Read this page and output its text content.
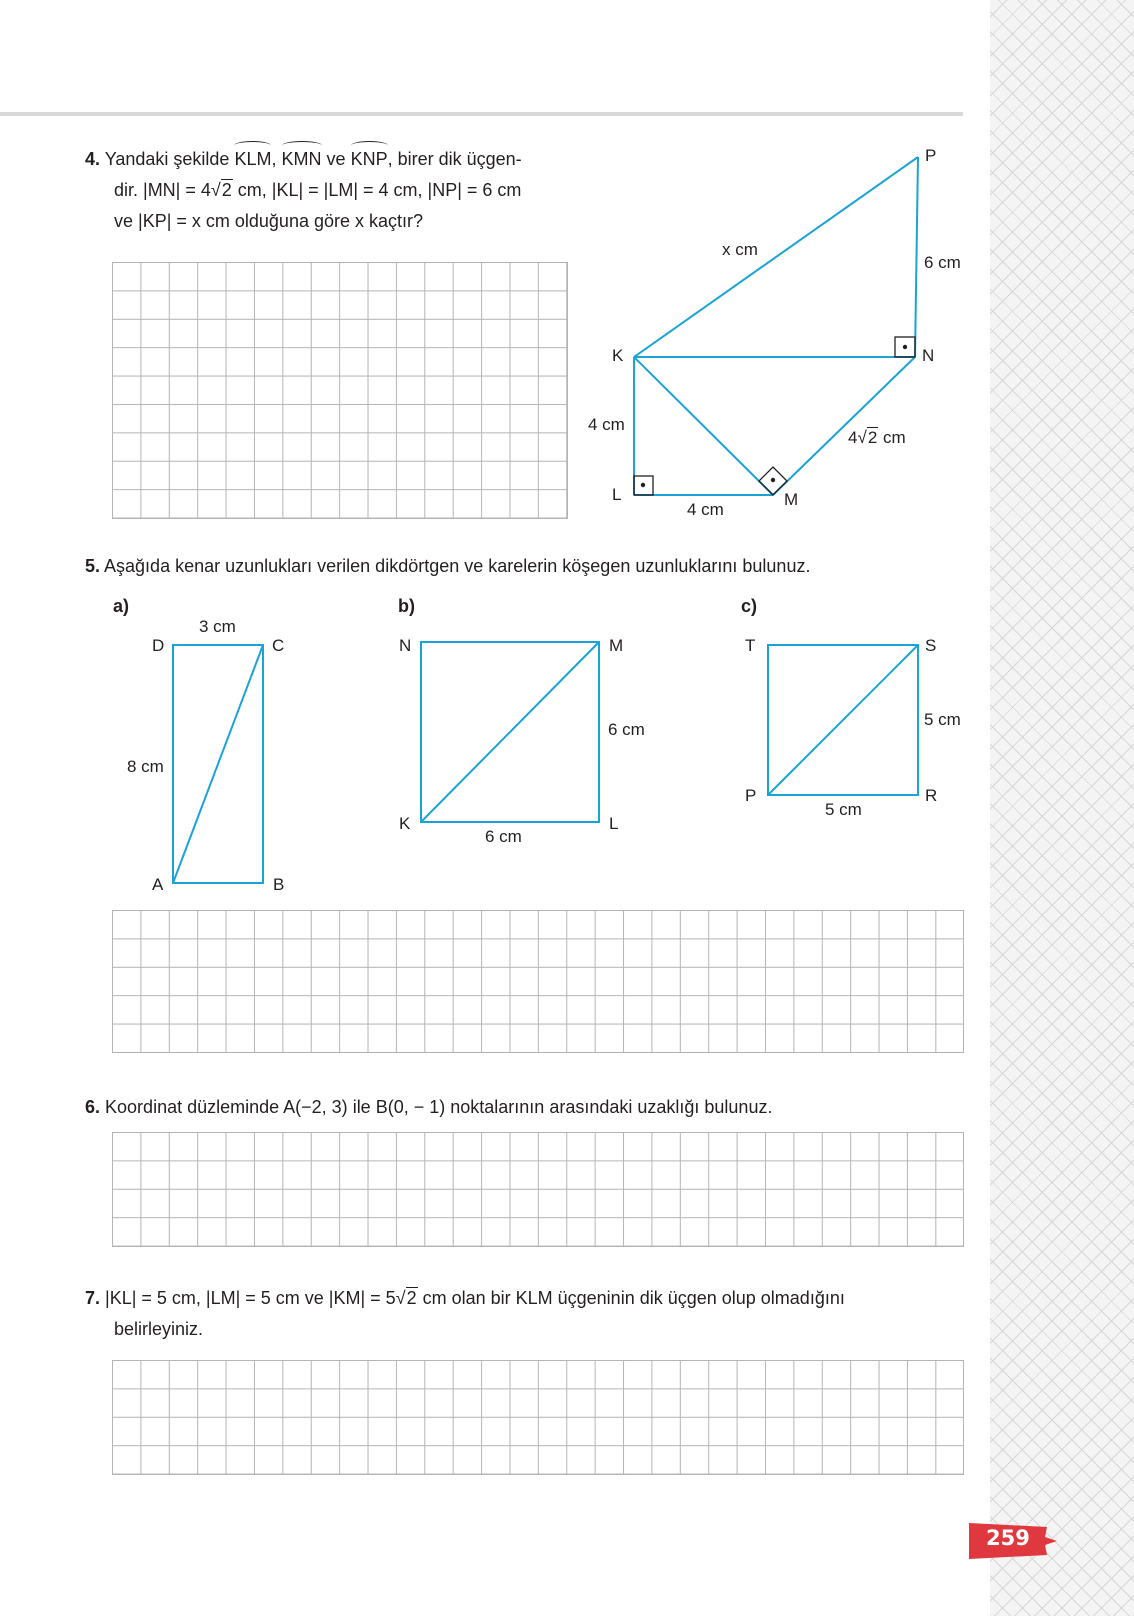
4. Yandaki şekilde KLM, KMN ve KNP, birer dik üçgen-
dir. |MN| = 4√2 cm, |KL| = |LM| = 4 cm, |NP| = 6 cm
ve |KP| = x cm olduğuna göre x kaçtır?
P
x cm
6 cm
K	N
4 cm
4√2 cm
L	M
4 cm
5. Aşağıda kenar uzunlukları verilen dikdörtgen ve karelerin köşegen uzunluklarını bulunuz.
a)
3 cm
D	C
8 cm
A	B
b)
N	M
6 cm
K	L
6 cm
c)
T	S
5 cm
P	R
5 cm
6. Koordinat düzleminde A(−2, 3) ile B(0, − 1) noktalarının arasındaki uzaklığı bulunuz.
7. |KL| = 5 cm, |LM| = 5 cm ve |KM| = 5√2 cm olan bir KLM üçgeninin dik üçgen olup olmadığını
belirleyiniz.
259
